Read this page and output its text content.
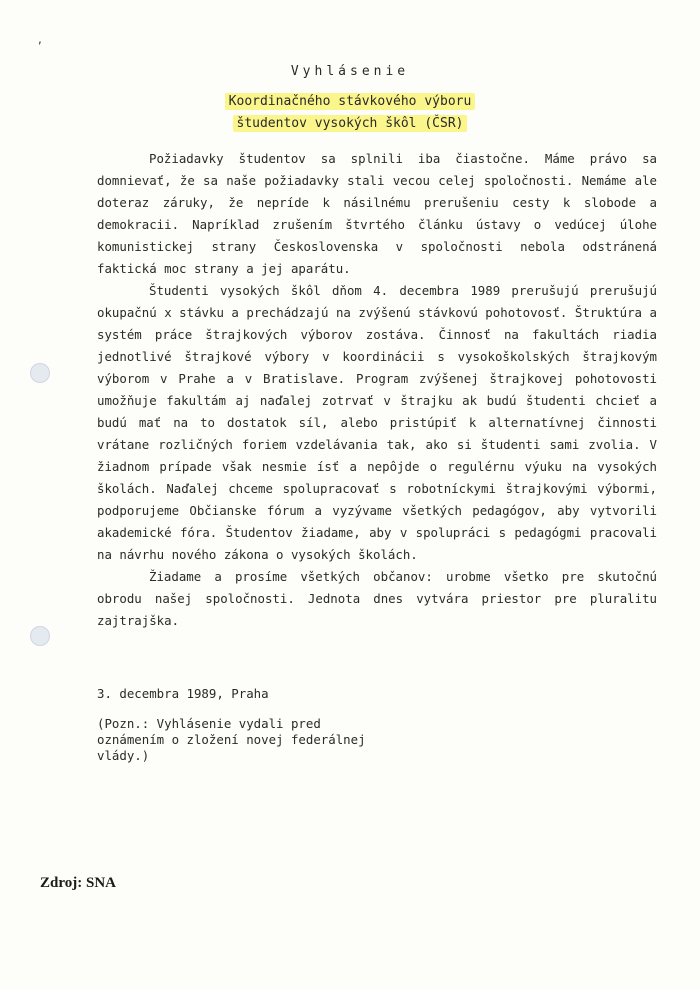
,
Vyhlásenie
Koordinačného stávkového výboru
študentov vysokých škôl (ČSR)

Požiadavky študentov sa splnili iba čiastočne. Máme právo sa domnievať, že sa naše požiadavky stali vecou celej spoločnosti. Nemáme ale doteraz záruky, že nepríde k násilnému prerušeniu cesty k slobode a demokracii. Napríklad zrušením štvrtého článku ústavy o vedúcej úlohe komunistickej strany Československa v spoločnosti nebola odstránená faktická moc strany a jej aparátu.

Študenti vysokých škôl dňom 4. decembra 1989 prerušujú prerušujú okupačnú x stávku a prechádzajú na zvýšenú stávkovú pohotovosť. Štruktúra a systém práce štrajkových výborov zostáva. Činnosť na fakultách riadia jednotlivé štrajkové výbory v koordinácii s vysokoškolských štrajkovým výborom v Prahe a v Bratislave. Program zvýšenej štrajkovej pohotovosti umožňuje fakultám aj naďalej zotrvať v štrajku ak budú študenti chcieť a budú mať na to dostatok síl, alebo pristúpiť k alternatívnej činnosti vrátane rozličných foriem vzdelávania tak, ako si študenti sami zvolia. V žiadnom prípade však nesmie ísť a nepôjde o regulérnu výuku na vysokých školách. Naďalej chceme spolupracovať s robotníckymi štrajkovými výbormi, podporujeme Občianske fórum a vyzývame všetkých pedagógov, aby vytvorili akademické fóra. Študentov žiadame, aby v spolupráci s pedagógmi pracovali na návrhu nového zákona o vysokých školách.

Žiadame a prosíme všetkých občanov: urobme všetko pre skutočnú obrodu našej spoločnosti. Jednota dnes vytvára priestor pre pluralitu zajtrajška.

3. decembra 1989, Praha
(Pozn.: Vyhlásenie vydali pred oznámením o zložení novej federálnej vlády.)
Zdroj: SNA
